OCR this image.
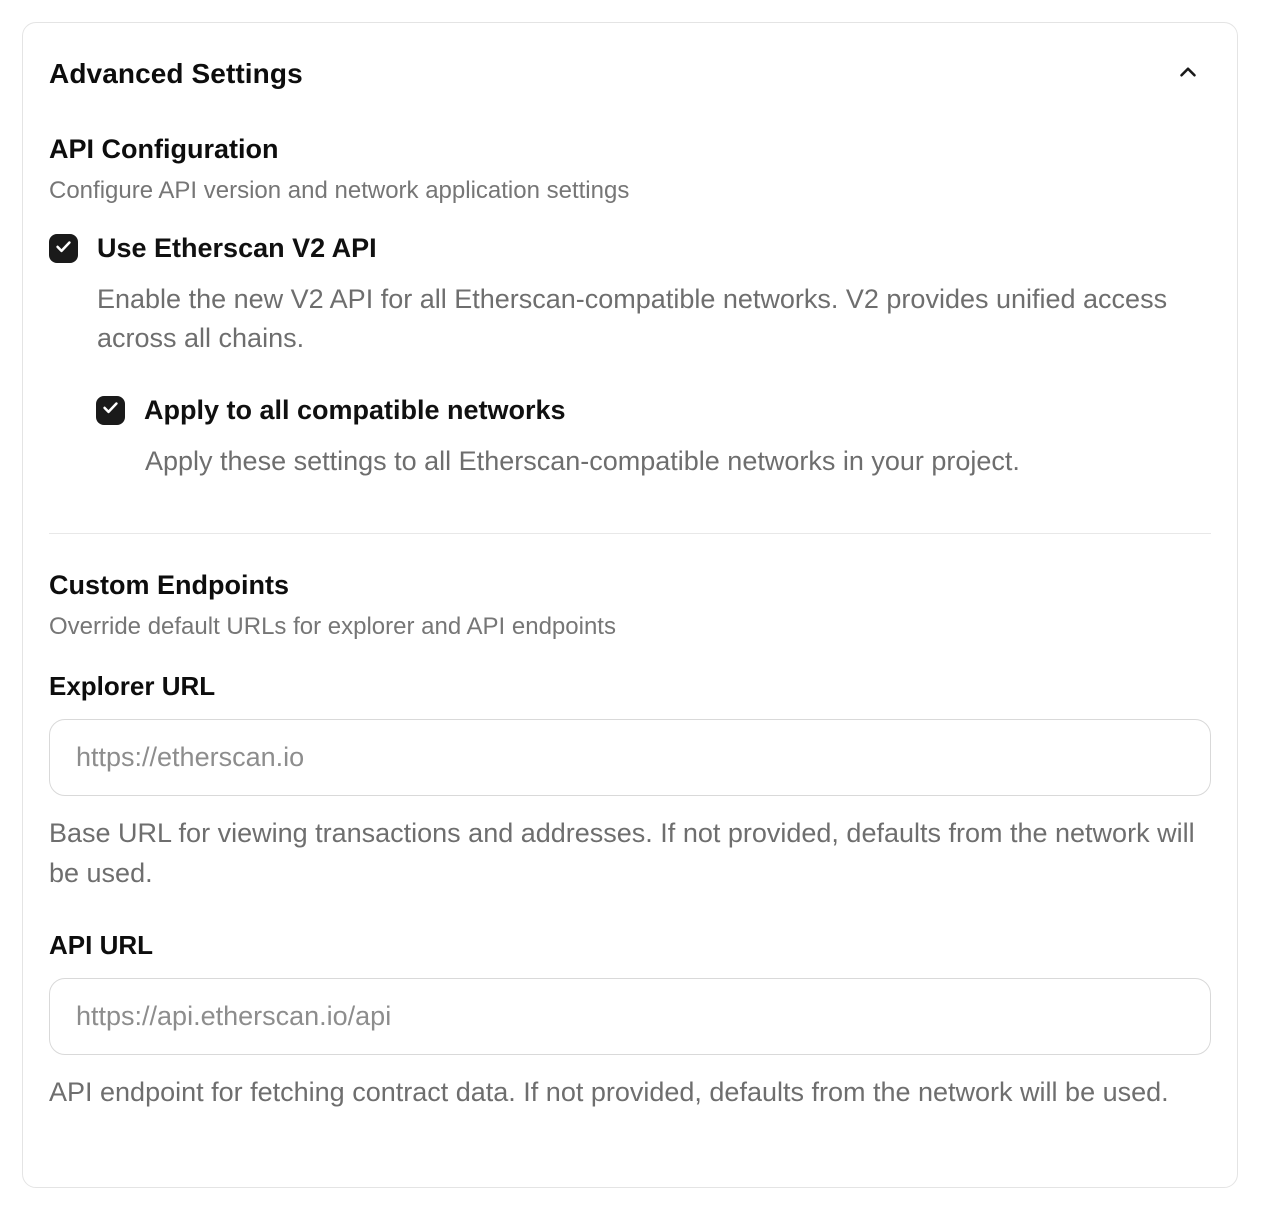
Advanced Settings
API Configuration

Configure API version and network application settings

Use Etherscan V2 API

Enable the new V2 API for all Etherscan-compatible networks. V2 provides unified access across all chains.

Apply to all compatible networks

Apply these settings to all Etherscan-compatible networks in your project.

Custom Endpoints

Override default URLs for explorer and API endpoints

Explorer URL
https://etherscan.io

Base URL for viewing transactions and addresses. If not provided, defaults from the network will be used.

API URL
https://api.etherscan.io/api

API endpoint for fetching contract data. If not provided, defaults from the network will be used.
